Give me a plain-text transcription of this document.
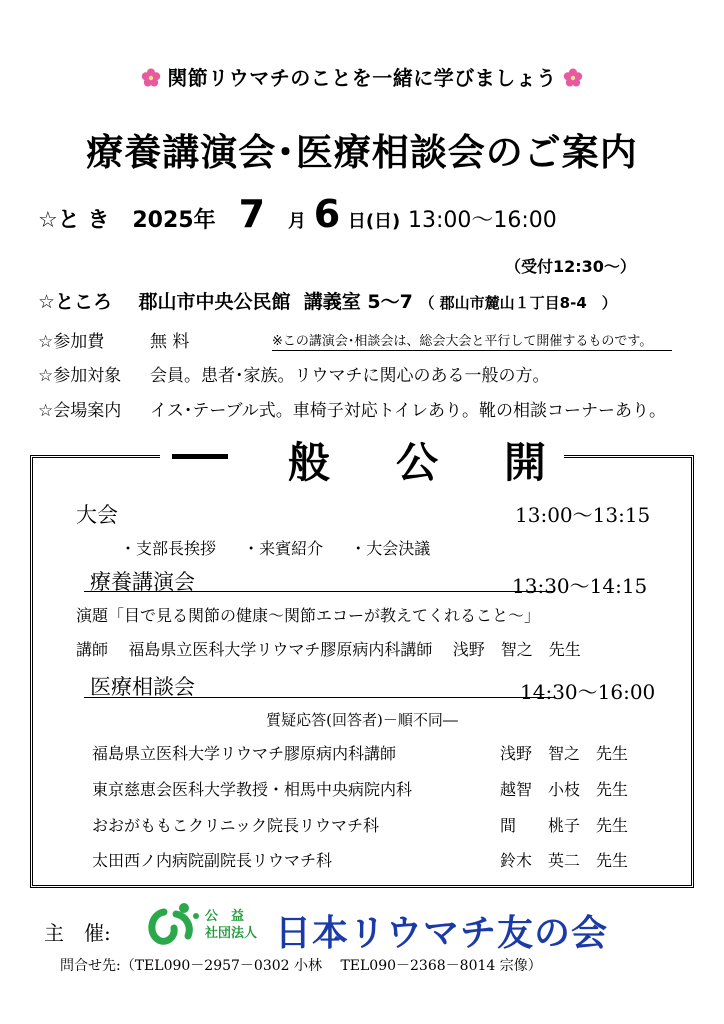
関節リウマチのことを一緒に学びましょう
療養講演会･医療相談会のご案内
☆と き 2025年 7 月 6 日(日) 13:00～16:00
（受付12:30～）
☆ところ 郡山市中央公民館 講義室 5～7 （ 郡山市麓山１丁目8-4　）
☆参加費	無 料	※この講演会･相談会は、総会大会と平行して開催するものです。
☆参加対象 会員。患者･家族。リウマチに関心のある一般の方。
☆会場案内 イス･テーブル式。車椅子対応トイレあり。靴の相談コーナーあり。
般 公 開
大会	13:00～13:15
・支部長挨拶 ・来賓紹介 ・大会決議
療養講演会	13:30～14:15
演題「目で見る関節の健康～関節エコーが教えてくれること～」
講師 福島県立医科大学リウマチ膠原病内科講師 浅野　智之　先生
医療相談会	14:30～16:00
質疑応答(回答者)－順不同―
福島県立医科大学リウマチ膠原病内科講師	浅野　智之　先生
東京慈恵会医科大学教授・相馬中央病院内科	越智　小枝　先生
おおがももこクリニック院長リウマチ科	間　　桃子　先生
太田西ノ内病院副院長リウマチ科	鈴木　英二　先生
主　催:
公　益
社団法人 日本リウマチ友の会
問合せ先:（TEL090－2957－0302 小林　 TEL090－2368－8014 宗像）
